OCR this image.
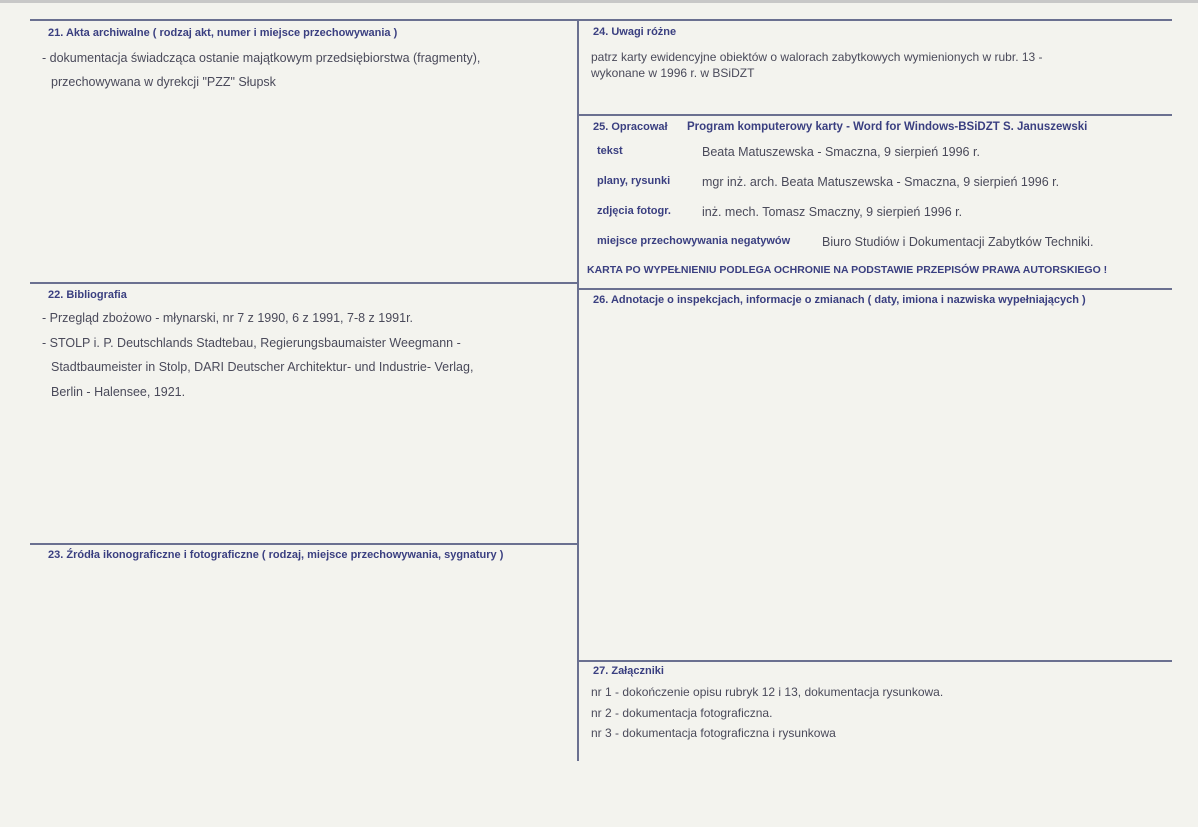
21. Akta archiwalne ( rodzaj akt, numer i miejsce przechowywania )
- dokumentacja świadcząca ostanie majątkowym przedsiębiorstwa (fragmenty),
przechowywana w dyrekcji "PZZ" Słupsk
22. Bibliografia
- Przegląd zbożowo - młynarski, nr 7 z 1990, 6 z 1991, 7-8 z 1991r.
- STOLP i. P. Deutschlands Stadtebau, Regierungsbaumaister Weegmann -
Stadtbaumeister in Stolp, DARI Deutscher Architektur- und Industrie- Verlag,
Berlin - Halensee, 1921.
23. Źródła ikonograficzne i fotograficzne ( rodzaj, miejsce przechowywania, sygnatury )
24. Uwagi różne
patrz karty ewidencyjne obiektów o walorach zabytkowych wymienionych w rubr. 13 -
wykonane w 1996 r. w BSiDZT
25. Opracował Program komputerowy karty - Word for Windows-BSiDZT S. Januszewski
tekst	Beata Matuszewska - Smaczna, 9 sierpień 1996 r.
plany, rysunki	mgr inż. arch. Beata Matuszewska - Smaczna, 9 sierpień 1996 r.
zdjęcia fotogr. inż. mech. Tomasz Smaczny, 9 sierpień 1996 r.
miejsce przechowywania negatywów	Biuro Studiów i Dokumentacji Zabytków Techniki.
KARTA PO WYPEŁNIENIU PODLEGA OCHRONIE NA PODSTAWIE PRZEPISÓW PRAWA AUTORSKIEGO !
26. Adnotacje o inspekcjach, informacje o zmianach ( daty, imiona i nazwiska wypełniających )
27. Załączniki
nr 1 - dokończenie opisu rubryk 12 i 13, dokumentacja rysunkowa.
nr 2 - dokumentacja fotograficzna.
nr 3 - dokumentacja fotograficzna i rysunkowa
